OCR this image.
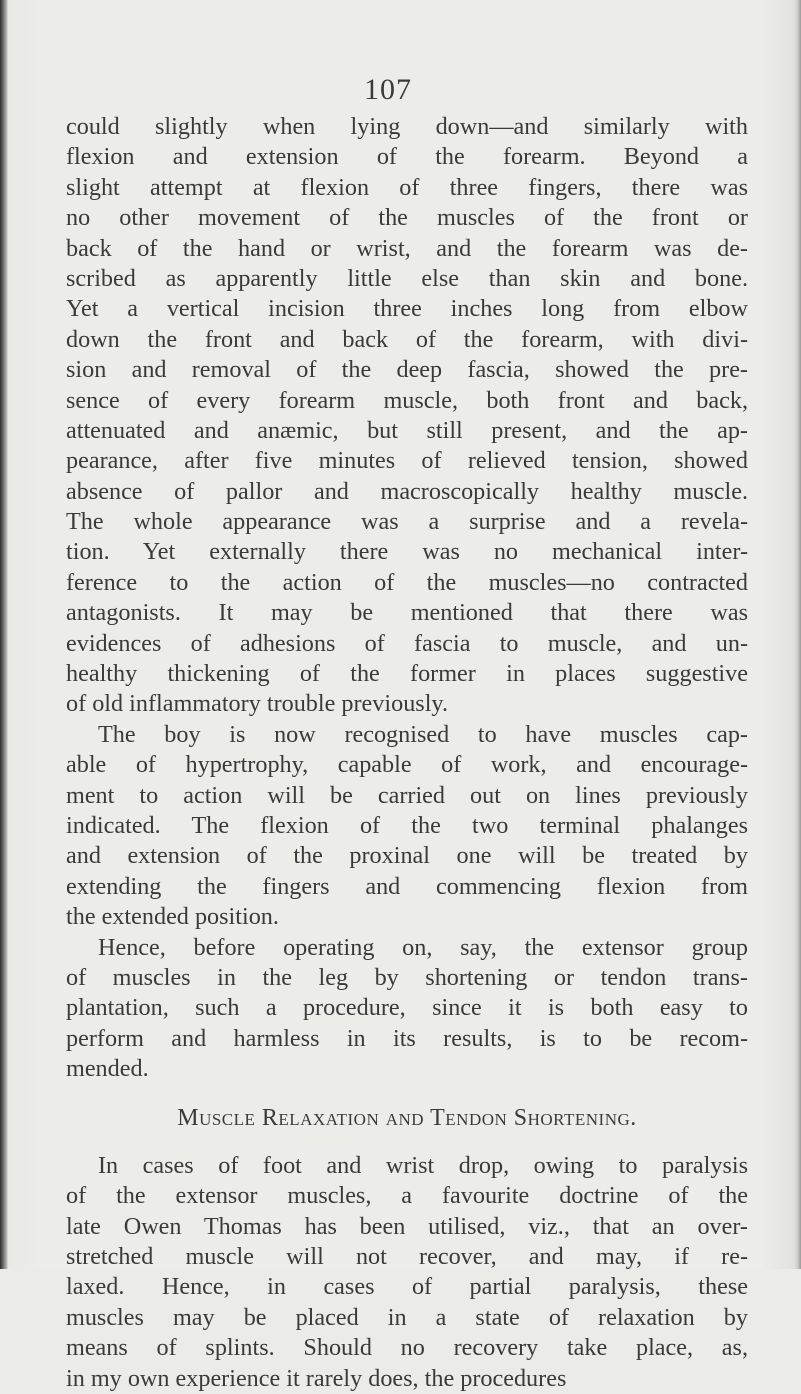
107
could slightly when lying down—and similarly with
flexion and extension of the forearm. Beyond a
slight attempt at flexion of three fingers, there was
no other movement of the muscles of the front or
back of the hand or wrist, and the forearm was de-
scribed as apparently little else than skin and bone.
Yet a vertical incision three inches long from elbow
down the front and back of the forearm, with divi-
sion and removal of the deep fascia, showed the pre-
sence of every forearm muscle, both front and back,
attenuated and anæmic, but still present, and the ap-
pearance, after five minutes of relieved tension, showed
absence of pallor and macroscopically healthy muscle.
The whole appearance was a surprise and a revela-
tion. Yet externally there was no mechanical inter-
ference to the action of the muscles—no contracted
antagonists. It may be mentioned that there was
evidences of adhesions of fascia to muscle, and un-
healthy thickening of the former in places suggestive
of old inflammatory trouble previously.
The boy is now recognised to have muscles cap-
able of hypertrophy, capable of work, and encourage-
ment to action will be carried out on lines previously
indicated. The flexion of the two terminal phalanges
and extension of the proxinal one will be treated by
extending the fingers and commencing flexion from
the extended position.
Hence, before operating on, say, the extensor group
of muscles in the leg by shortening or tendon trans-
plantation, such a procedure, since it is both easy to
perform and harmless in its results, is to be recom-
mended.
Muscle Relaxation and Tendon Shortening.
In cases of foot and wrist drop, owing to paralysis
of the extensor muscles, a favourite doctrine of the
late Owen Thomas has been utilised, viz., that an over-
stretched muscle will not recover, and may, if re-
laxed. Hence, in cases of partial paralysis, these
muscles may be placed in a state of relaxation by
means of splints. Should no recovery take place, as,
in my own experience it rarely does, the procedures
